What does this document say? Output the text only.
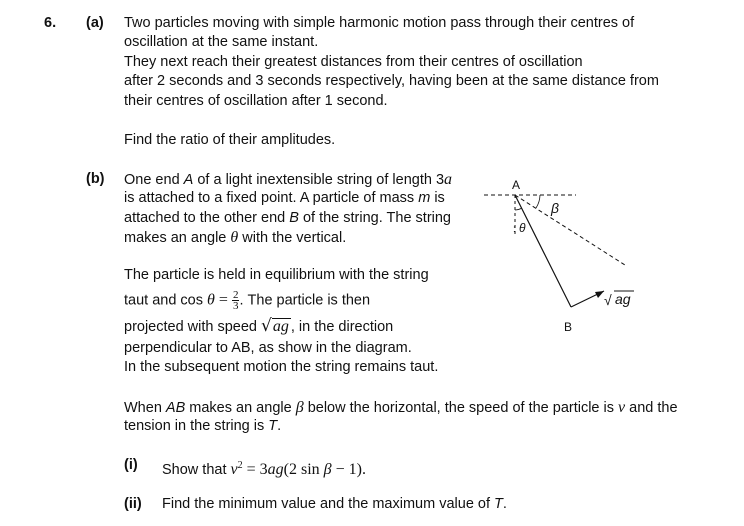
6. (a) Two particles moving with simple harmonic motion pass through their centres of
oscillation at the same instant.
They next reach their greatest distances from their centres of oscillation
after 2 seconds and 3 seconds respectively, having been at the same distance from
their centres of oscillation after 1 second.
Find the ratio of their amplitudes.
(b) One end A of a light inextensible string of length 3a
is attached to a fixed point. A particle of mass m is
attached to the other end B of the string. The string
makes an angle θ with the vertical.
The particle is held in equilibrium with the string
taut and $\cos \theta = \frac{2}{3}$ . The particle is then
projected with speed √ag , in the direction
perpendicular to AB, as show in the diagram.
In the subsequent motion the string remains taut.
When AB makes an angle β below the horizontal, the speed of the particle is v and the
tension in the string is T.
(i) Show that $v^2 = 3ag(2$ sin β − 1).
(ii) Find the minimum value and the maximum value of T.
A
B
β
θ
:
√ ag
